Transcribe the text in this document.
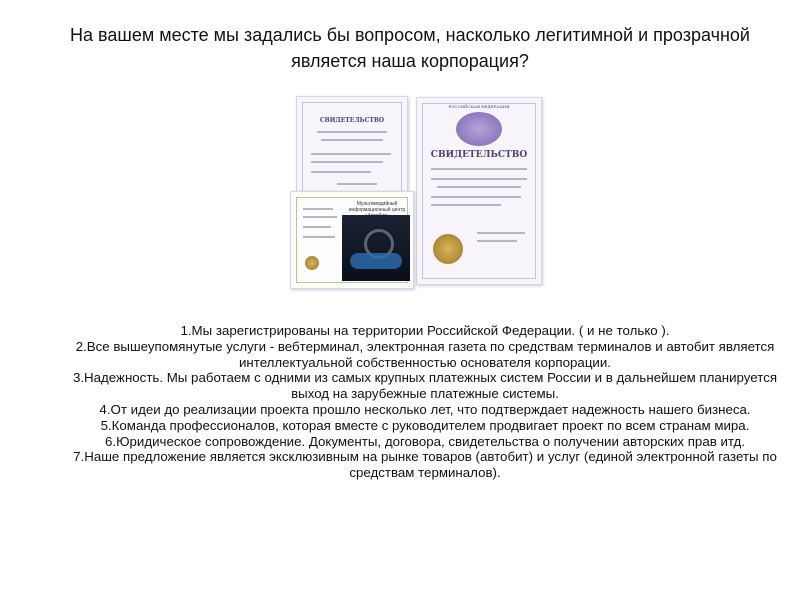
На вашем месте мы задались бы вопросом, насколько легитимной и прозрачной является наша корпорация?
СВИДЕТЕЛЬСТВО
РОССИЙСКАЯ ФЕДЕРАЦИЯ
СВИДЕТЕЛЬСТВО
Мультимедийный информационный центр

1.Мы зарегистрированы на территории Российской Федерации. ( и не только ).

2.Все вышеупомянутые услуги - вебтерминал, электронная газета по средствам терминалов и автобит является интеллектуальной собственностью основателя корпорации.

3.Надежность. Мы работаем с одними из самых крупных платежных систем России и в дальнейшем планируется выход на зарубежные платежные системы.

4.От идеи до реализации проекта прошло несколько лет, что подтверждает надежность нашего бизнеса.

5.Команда профессионалов, которая вместе с руководителем продвигает проект по всем странам мира.

6.Юридическое сопровождение. Документы, договора, свидетельства о получении авторских прав итд.

7.Наше предложение является эксклюзивным на рынке товаров (автобит) и услуг (единой электронной газеты по средствам терминалов).
